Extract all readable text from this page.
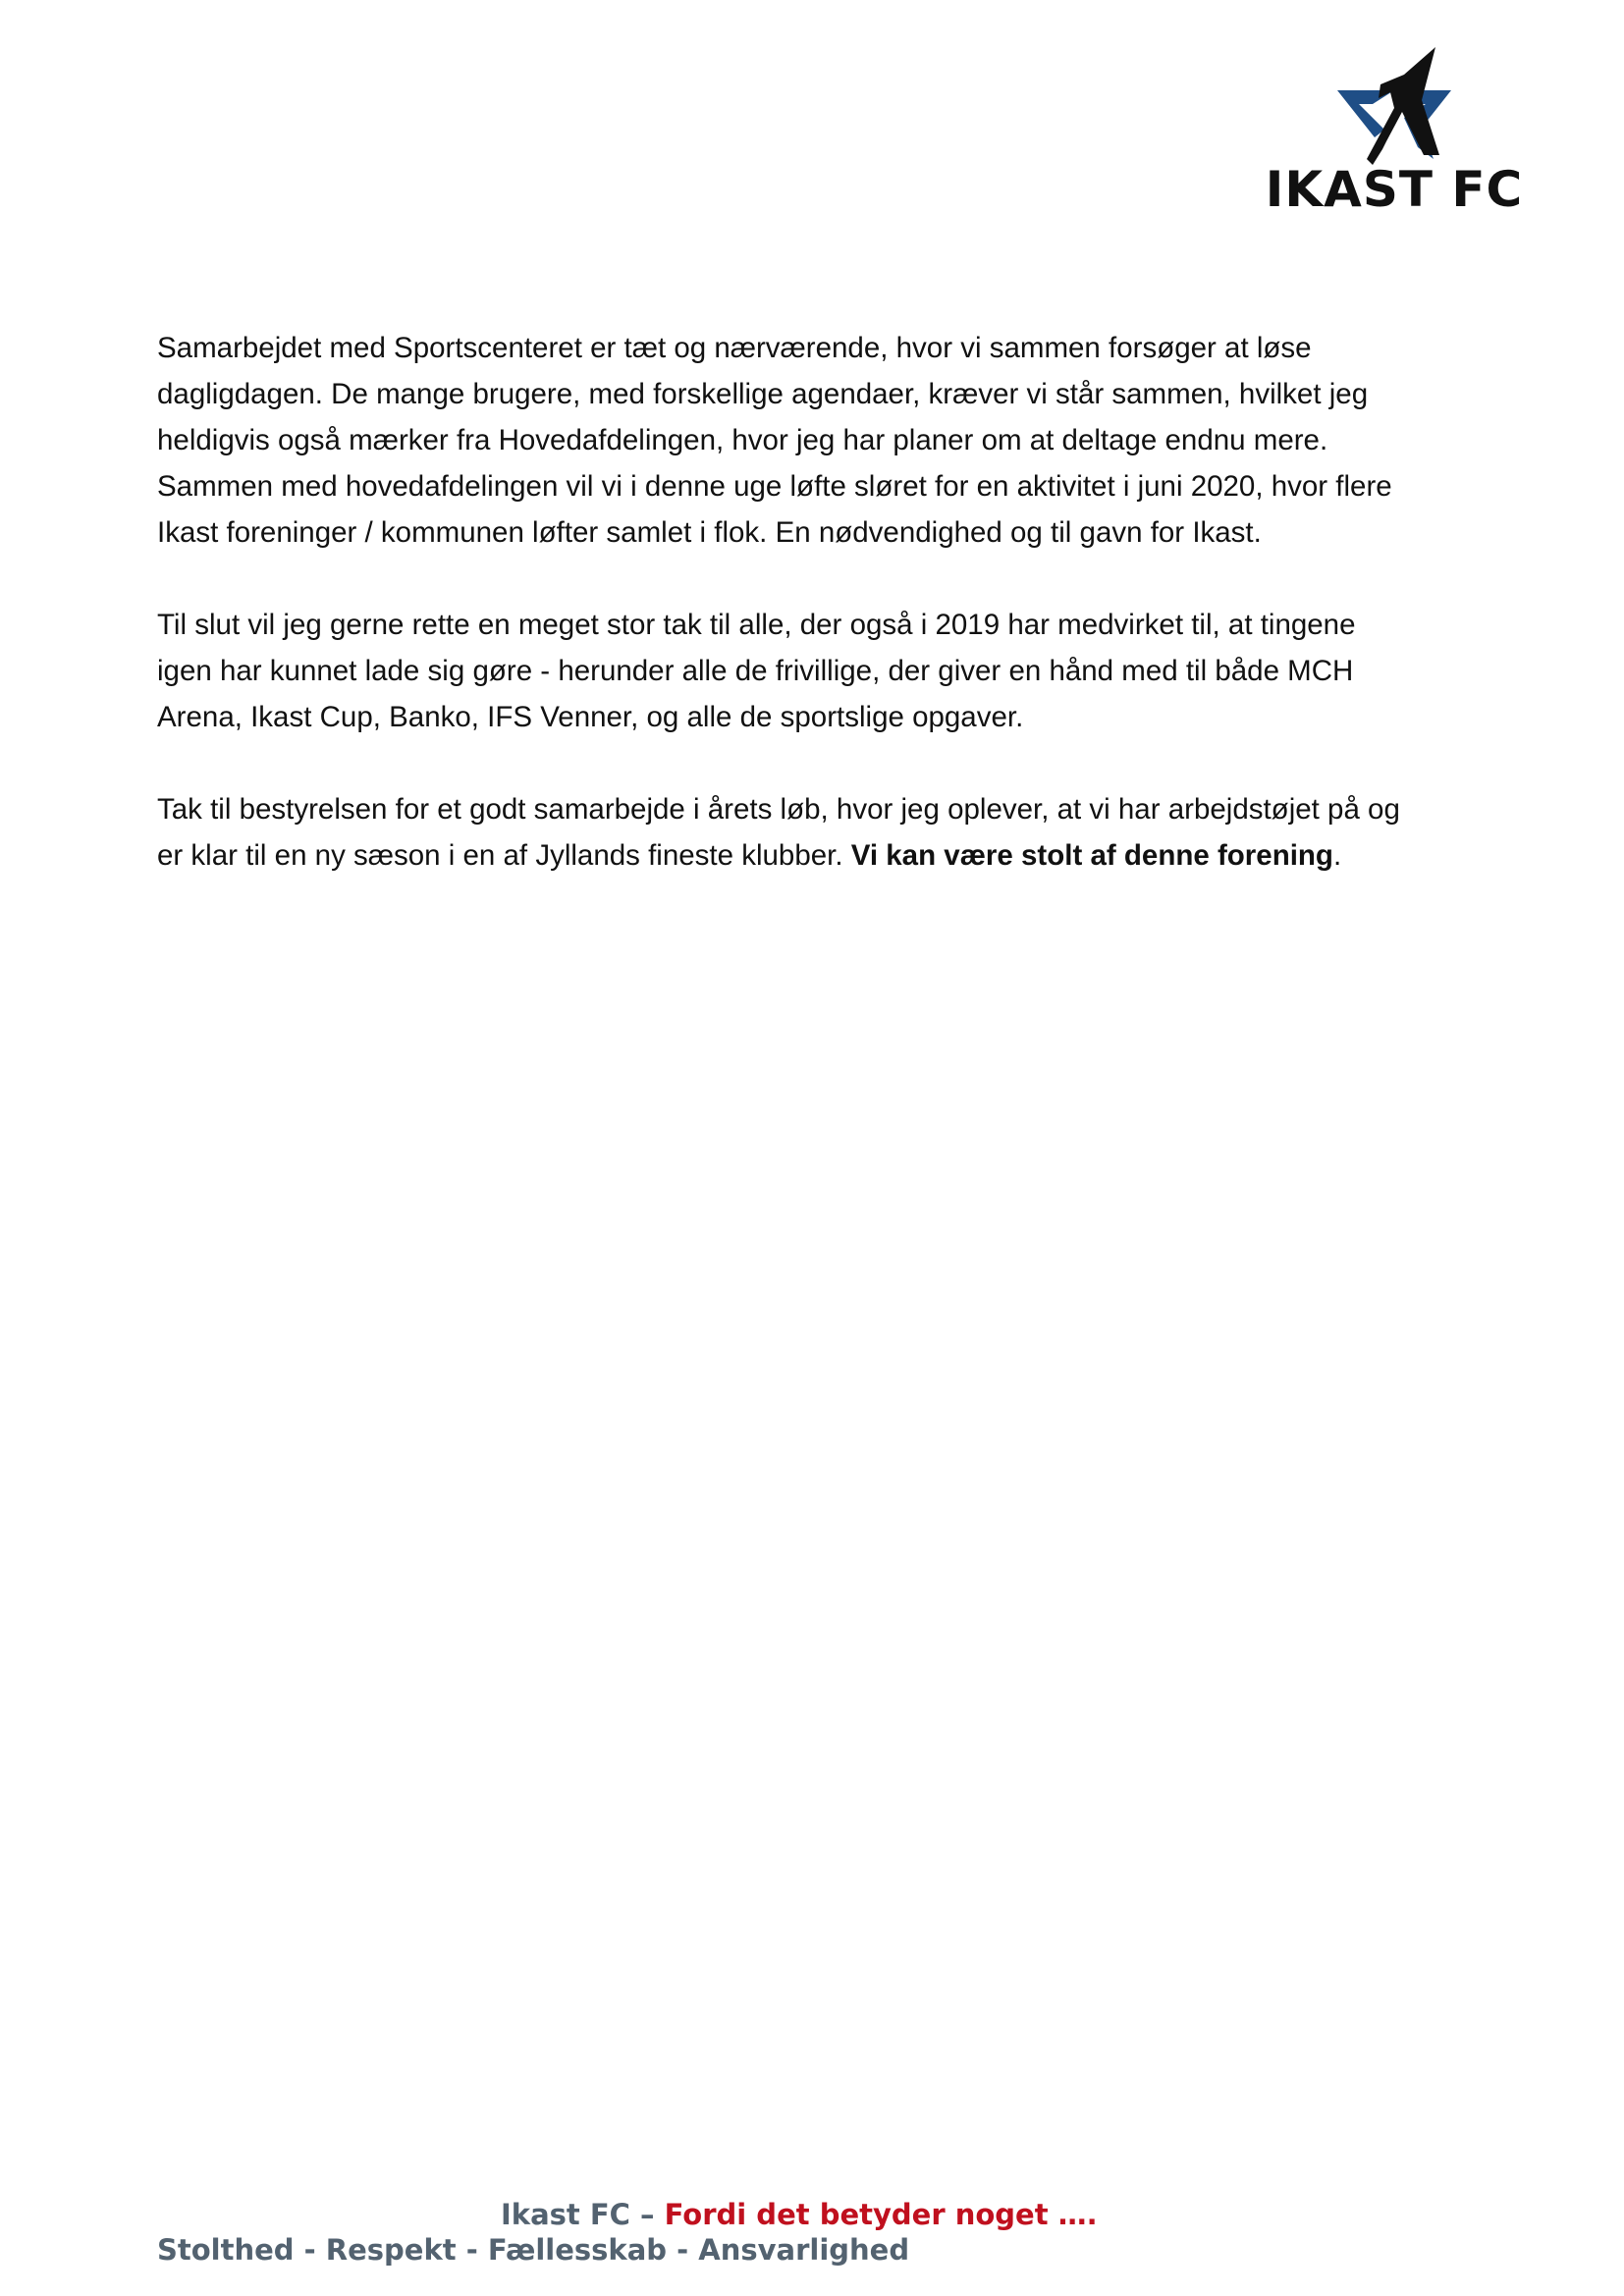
IKAST FC

Samarbejdet med Sportscenteret er tæt og nærværende, hvor vi sammen forsøger at løse
dagligdagen. De mange brugere, med forskellige agendaer, kræver vi står sammen, hvilket jeg
heldigvis også mærker fra Hovedafdelingen, hvor jeg har planer om at deltage endnu mere.
Sammen med hovedafdelingen vil vi i denne uge løfte sløret for en aktivitet i juni 2020, hvor flere
Ikast foreninger / kommunen løfter samlet i flok. En nødvendighed og til gavn for Ikast.

Til slut vil jeg gerne rette en meget stor tak til alle, der også i 2019 har medvirket til, at tingene
igen har kunnet lade sig gøre - herunder alle de frivillige, der giver en hånd med til både MCH
Arena, Ikast Cup, Banko, IFS Venner, og alle de sportslige opgaver.

Tak til bestyrelsen for et godt samarbejde i årets løb, hvor jeg oplever, at vi har arbejdstøjet på og
er klar til en ny sæson i en af Jyllands fineste klubber. Vi kan være stolt af denne forening.

Ikast FC – Fordi det betyder noget ….
Stolthed - Respekt - Fællesskab - Ansvarlighed
